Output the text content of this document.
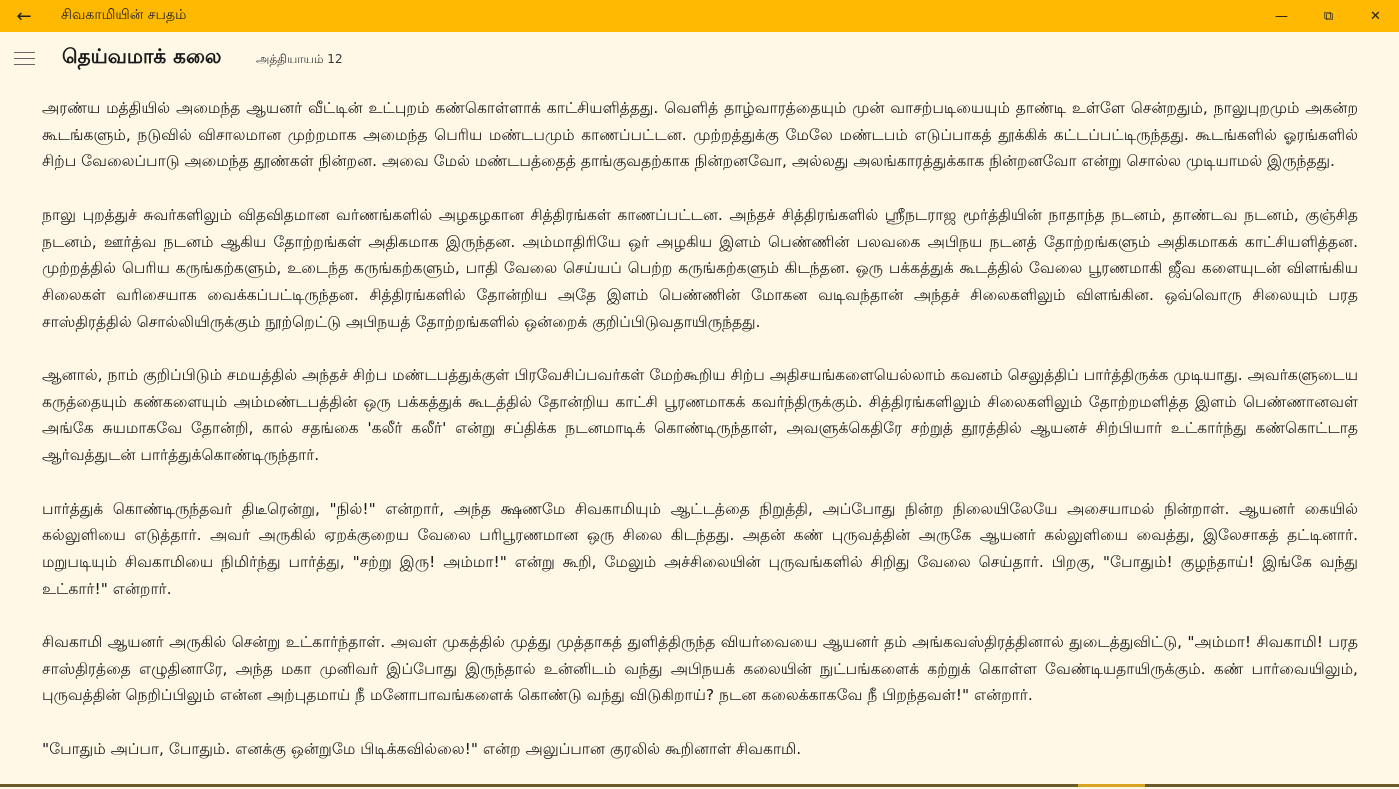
← சிவகாமியின் சபதம்	—	⧉	✕
தெய்வமாக் கலை	அத்தியாயம் 12

அரண்ய மத்தியில் அமைந்த ஆயனர் வீட்டின் உட்புறம் கண்கொள்ளாக் காட்சியளித்தது. வெளித் தாழ்வாரத்தையும் முன் வாசற்படியையும் தாண்டி உள்ளே சென்றதும், நாலுபுறமும் அகன்ற கூடங்களும், நடுவில் விசாலமான முற்றமாக அமைந்த பெரிய மண்டபமும் காணப்பட்டன. முற்றத்துக்கு மேலே மண்டபம் எடுப்பாகத் தூக்கிக் கட்டப்பட்டிருந்தது. கூடங்களில் ஓரங்களில் சிற்ப வேலைப்பாடு அமைந்த தூண்கள் நின்றன. அவை மேல் மண்டபத்தைத் தாங்குவதற்காக நின்றனவோ, அல்லது அலங்காரத்துக்காக நின்றனவோ என்று சொல்ல முடியாமல் இருந்தது.

நாலு புறத்துச் சுவர்களிலும் விதவிதமான வர்ணங்களில் அழகழகான சித்திரங்கள் காணப்பட்டன. அந்தச் சித்திரங்களில் ஸ்ரீநடராஜ மூர்த்தியின் நாதாந்த நடனம், தாண்டவ நடனம், குஞ்சித நடனம், ஊர்த்வ நடனம் ஆகிய தோற்றங்கள் அதிகமாக இருந்தன. அம்மாதிரியே ஒர் அழகிய இளம் பெண்ணின் பலவகை அபிநய நடனத் தோற்றங்களும் அதிகமாகக் காட்சியளித்தன. முற்றத்தில் பெரிய கருங்கற்களும், உடைந்த கருங்கற்களும், பாதி வேலை செய்யப் பெற்ற கருங்கற்களும் கிடந்தன. ஒரு பக்கத்துக் கூடத்தில் வேலை பூரணமாகி ஜீவ களையுடன் விளங்கிய சிலைகள் வரிசையாக வைக்கப்பட்டிருந்தன. சித்திரங்களில் தோன்றிய அதே இளம் பெண்ணின் மோகன வடிவந்தான் அந்தச் சிலைகளிலும் விளங்கின. ஒவ்வொரு சிலையும் பரத சாஸ்திரத்தில் சொல்லியிருக்கும் நூற்றெட்டு அபிநயத் தோற்றங்களில் ஒன்றைக் குறிப்பிடுவதாயிருந்தது.

ஆனால், நாம் குறிப்பிடும் சமயத்தில் அந்தச் சிற்ப மண்டபத்துக்குள் பிரவேசிப்பவர்கள் மேற்கூறிய சிற்ப அதிசயங்களையெல்லாம் கவனம் செலுத்திப் பார்த்திருக்க முடியாது. அவர்களுடைய கருத்தையும் கண்களையும் அம்மண்டபத்தின் ஒரு பக்கத்துக் கூடத்தில் தோன்றிய காட்சி பூரணமாகக் கவர்ந்திருக்கும். சித்திரங்களிலும் சிலைகளிலும் தோற்றமளித்த இளம் பெண்ணானவள் அங்கே சுயமாகவே தோன்றி, கால் சதங்கை 'கலீர் கலீர்' என்று சப்திக்க நடனமாடிக் கொண்டிருந்தாள், அவளுக்கெதிரே சற்றுத் தூரத்தில் ஆயனச் சிற்பியார் உட்கார்ந்து கண்கொட்டாத ஆர்வத்துடன் பார்த்துக்கொண்டிருந்தார்.

பார்த்துக் கொண்டிருந்தவர் திடீரென்று, "நில்!" என்றார், அந்த க்ஷணமே சிவகாமியும் ஆட்டத்தை நிறுத்தி, அப்போது நின்ற நிலையிலேயே அசையாமல் நின்றாள். ஆயனர் கையில் கல்லுளியை எடுத்தார். அவர் அருகில் ஏறக்குறைய வேலை பரிபூரணமான ஒரு சிலை கிடந்தது. அதன் கண் புருவத்தின் அருகே ஆயனர் கல்லுளியை வைத்து, இலேசாகத் தட்டினார். மறுபடியும் சிவகாமியை நிமிர்ந்து பார்த்து, "சற்று இரு! அம்மா!" என்று கூறி, மேலும் அச்சிலையின் புருவங்களில் சிறிது வேலை செய்தார். பிறகு, "போதும்! குழந்தாய்! இங்கே வந்து உட்கார்!" என்றார்.

சிவகாமி ஆயனர் அருகில் சென்று உட்கார்ந்தாள். அவள் முகத்தில் முத்து முத்தாகத் துளித்திருந்த வியர்வையை ஆயனர் தம் அங்கவஸ்திரத்தினால் துடைத்துவிட்டு, "அம்மா! சிவகாமி! பரத சாஸ்திரத்தை எழுதினாரே, அந்த மகா முனிவர் இப்போது இருந்தால் உன்னிடம் வந்து அபிநயக் கலையின் நுட்பங்களைக் கற்றுக் கொள்ள வேண்டியதாயிருக்கும். கண் பார்வையிலும், புருவத்தின் நெறிப்பிலும் என்ன அற்புதமாய் நீ மனோபாவங்களைக் கொண்டு வந்து விடுகிறாய்? நடன கலைக்காகவே நீ பிறந்தவள்!" என்றார்.

"போதும் அப்பா, போதும். எனக்கு ஒன்றுமே பிடிக்கவில்லை!" என்ற அலுப்பான குரலில் கூறினாள் சிவகாமி.
